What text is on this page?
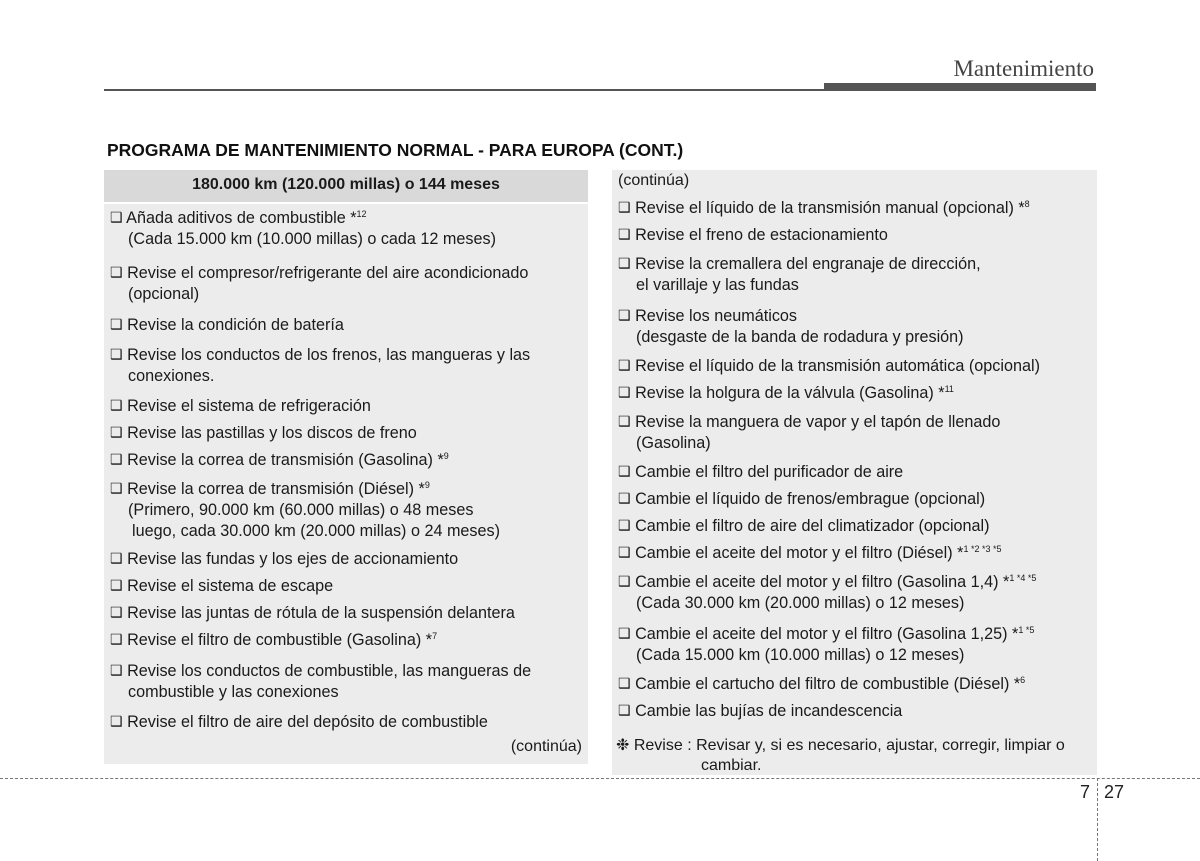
Mantenimiento
PROGRAMA DE MANTENIMIENTO NORMAL - PARA EUROPA (CONT.)
180.000 km (120.000 millas) o 144 meses
❑ Añada aditivos de combustible *$^{12}$
(Cada 15.000 km (10.000 millas) o cada 12 meses)
❑ Revise el compresor/refrigerante del aire acondicionado
(opcional)
❑ Revise la condición de batería
❑ Revise los conductos de los frenos, las mangueras y las
conexiones.
❑ Revise el sistema de refrigeración
❑ Revise las pastillas y los discos de freno
❑ Revise la correa de transmisión (Gasolina) *$^9$
❑ Revise la correa de transmisión (Diésel) *$^9$
(Primero, 90.000 km (60.000 millas) o 48 meses
luego, cada 30.000 km (20.000 millas) o 24 meses)
❑ Revise las fundas y los ejes de accionamiento
❑ Revise el sistema de escape
❑ Revise las juntas de rótula de la suspensión delantera
❑ Revise el filtro de combustible (Gasolina) *$^7$
❑ Revise los conductos de combustible, las mangueras de
combustible y las conexiones
❑ Revise el filtro de aire del depósito de combustible
(continúa)
(continúa)
❑ Revise el líquido de la transmisión manual (opcional) *$^8$
❑ Revise el freno de estacionamiento
❑ Revise la cremallera del engranaje de dirección,
el varillaje y las fundas
❑ Revise los neumáticos
(desgaste de la banda de rodadura y presión)
❑ Revise el líquido de la transmisión automática (opcional)
❑ Revise la holgura de la válvula (Gasolina) *$^{11}$
❑ Revise la manguera de vapor y el tapón de llenado
(Gasolina)
❑ Cambie el filtro del purificador de aire
❑ Cambie el líquido de frenos/embrague (opcional)
❑ Cambie el filtro de aire del climatizador (opcional)
❑ Cambie el aceite del motor y el filtro (Diésel) *$^{1 *2 *3 *5}$
❑ Cambie el aceite del motor y el filtro (Gasolina 1,4) *$^{1 *4 *5}$
(Cada 30.000 km (20.000 millas) o 12 meses)
❑ Cambie el aceite del motor y el filtro (Gasolina 1,25) *$^{1 *5}$
(Cada 15.000 km (10.000 millas) o 12 meses)
❑ Cambie el cartucho del filtro de combustible (Diésel) *$^6$
❑ Cambie las bujías de incandescencia
❉ Revise : Revisar y, si es necesario, ajustar, corregir, limpiar o
cambiar.
7 27
